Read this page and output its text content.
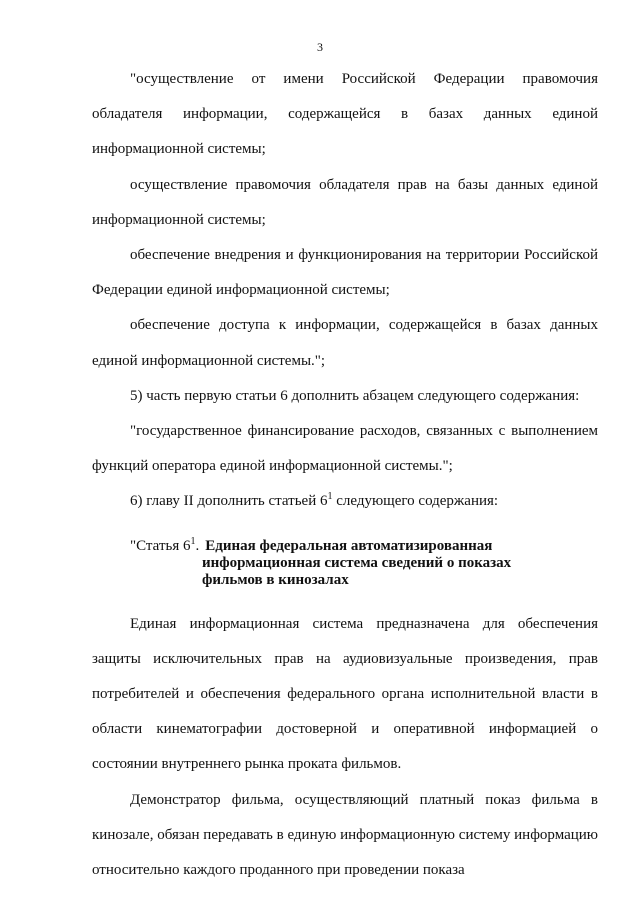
3

"осуществление от имени Российской Федерации правомочия обладателя информации, содержащейся в базах данных единой информационной системы;

осуществление правомочия обладателя прав на базы данных единой информационной системы;

обеспечение внедрения и функционирования на территории Российской Федерации единой информационной системы;

обеспечение доступа к информации, содержащейся в базах данных единой информационной системы.";

5) часть первую статьи 6 дополнить абзацем следующего содержания:

"государственное финансирование расходов, связанных с выполнением функций оператора единой информационной системы.";

6) главу II дополнить статьей $6^1$ следующего содержания:

"Статья $6^1$. Единая федеральная автоматизированная
информационная система сведений о показах
фильмов в кинозалах

Единая информационная система предназначена для обеспечения защиты исключительных прав на аудиовизуальные произведения, прав потребителей и обеспечения федерального органа исполнительной власти в области кинематографии достоверной и оперативной информацией о состоянии внутреннего рынка проката фильмов.

Демонстратор фильма, осуществляющий платный показ фильма в кинозале, обязан передавать в единую информационную систему информацию относительно каждого проданного при проведении показа
